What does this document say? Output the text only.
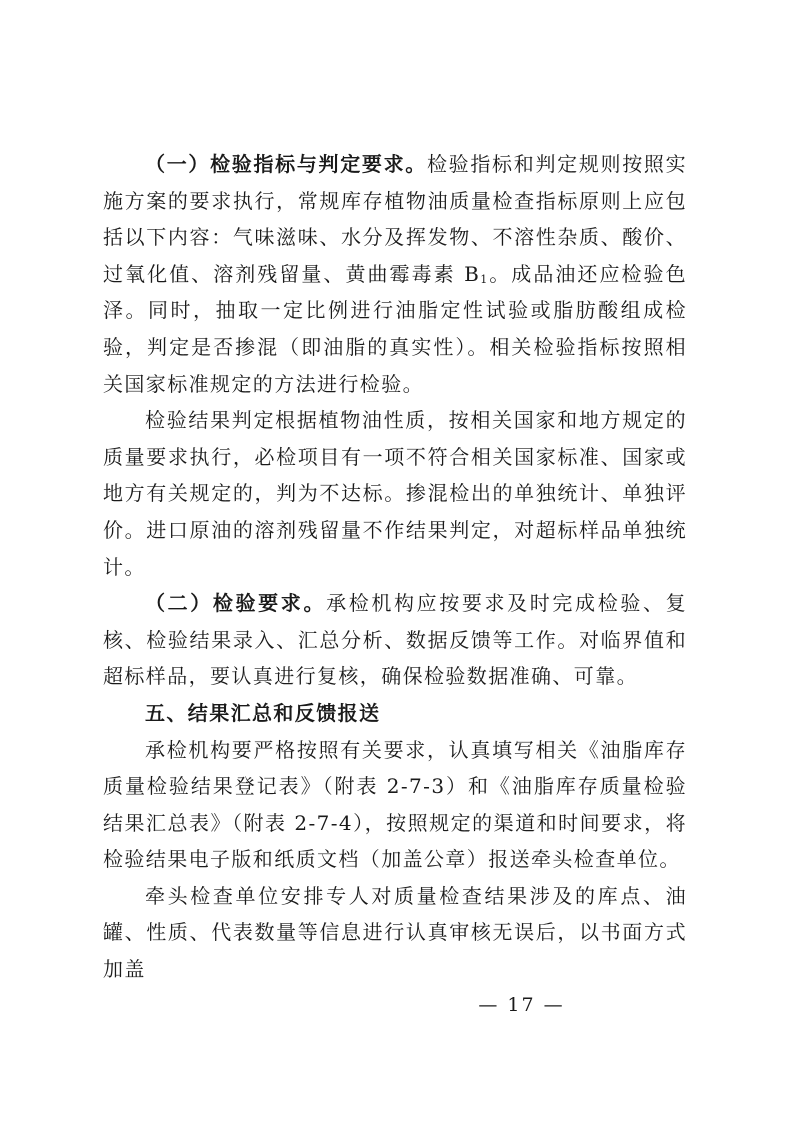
（一）检验指标与判定要求。检验指标和判定规则按照实施方案的要求执行，常规库存植物油质量检查指标原则上应包括以下内容：气味滋味、水分及挥发物、不溶性杂质、酸价、过氧化值、溶剂残留量、黄曲霉毒素 $B_1$。成品油还应检验色泽。同时，抽取一定比例进行油脂定性试验或脂肪酸组成检验，判定是否掺混（即油脂的真实性）。相关检验指标按照相关国家标准规定的方法进行检验。

检验结果判定根据植物油性质，按相关国家和地方规定的质量要求执行，必检项目有一项不符合相关国家标准、国家或地方有关规定的，判为不达标。掺混检出的单独统计、单独评价。进口原油的溶剂残留量不作结果判定，对超标样品单独统计。

（二）检验要求。承检机构应按要求及时完成检验、复核、检验结果录入、汇总分析、数据反馈等工作。对临界值和超标样品，要认真进行复核，确保检验数据准确、可靠。

五、结果汇总和反馈报送

承检机构要严格按照有关要求，认真填写相关《油脂库存质量检验结果登记表》（附表 2-7-3）和《油脂库存质量检验结果汇总表》（附表 2-7-4），按照规定的渠道和时间要求，将检验结果电子版和纸质文档（加盖公章）报送牵头检查单位。

牵头检查单位安排专人对质量检查结果涉及的库点、油罐、性质、代表数量等信息进行认真审核无误后，以书面方式加盖

— 17 —
